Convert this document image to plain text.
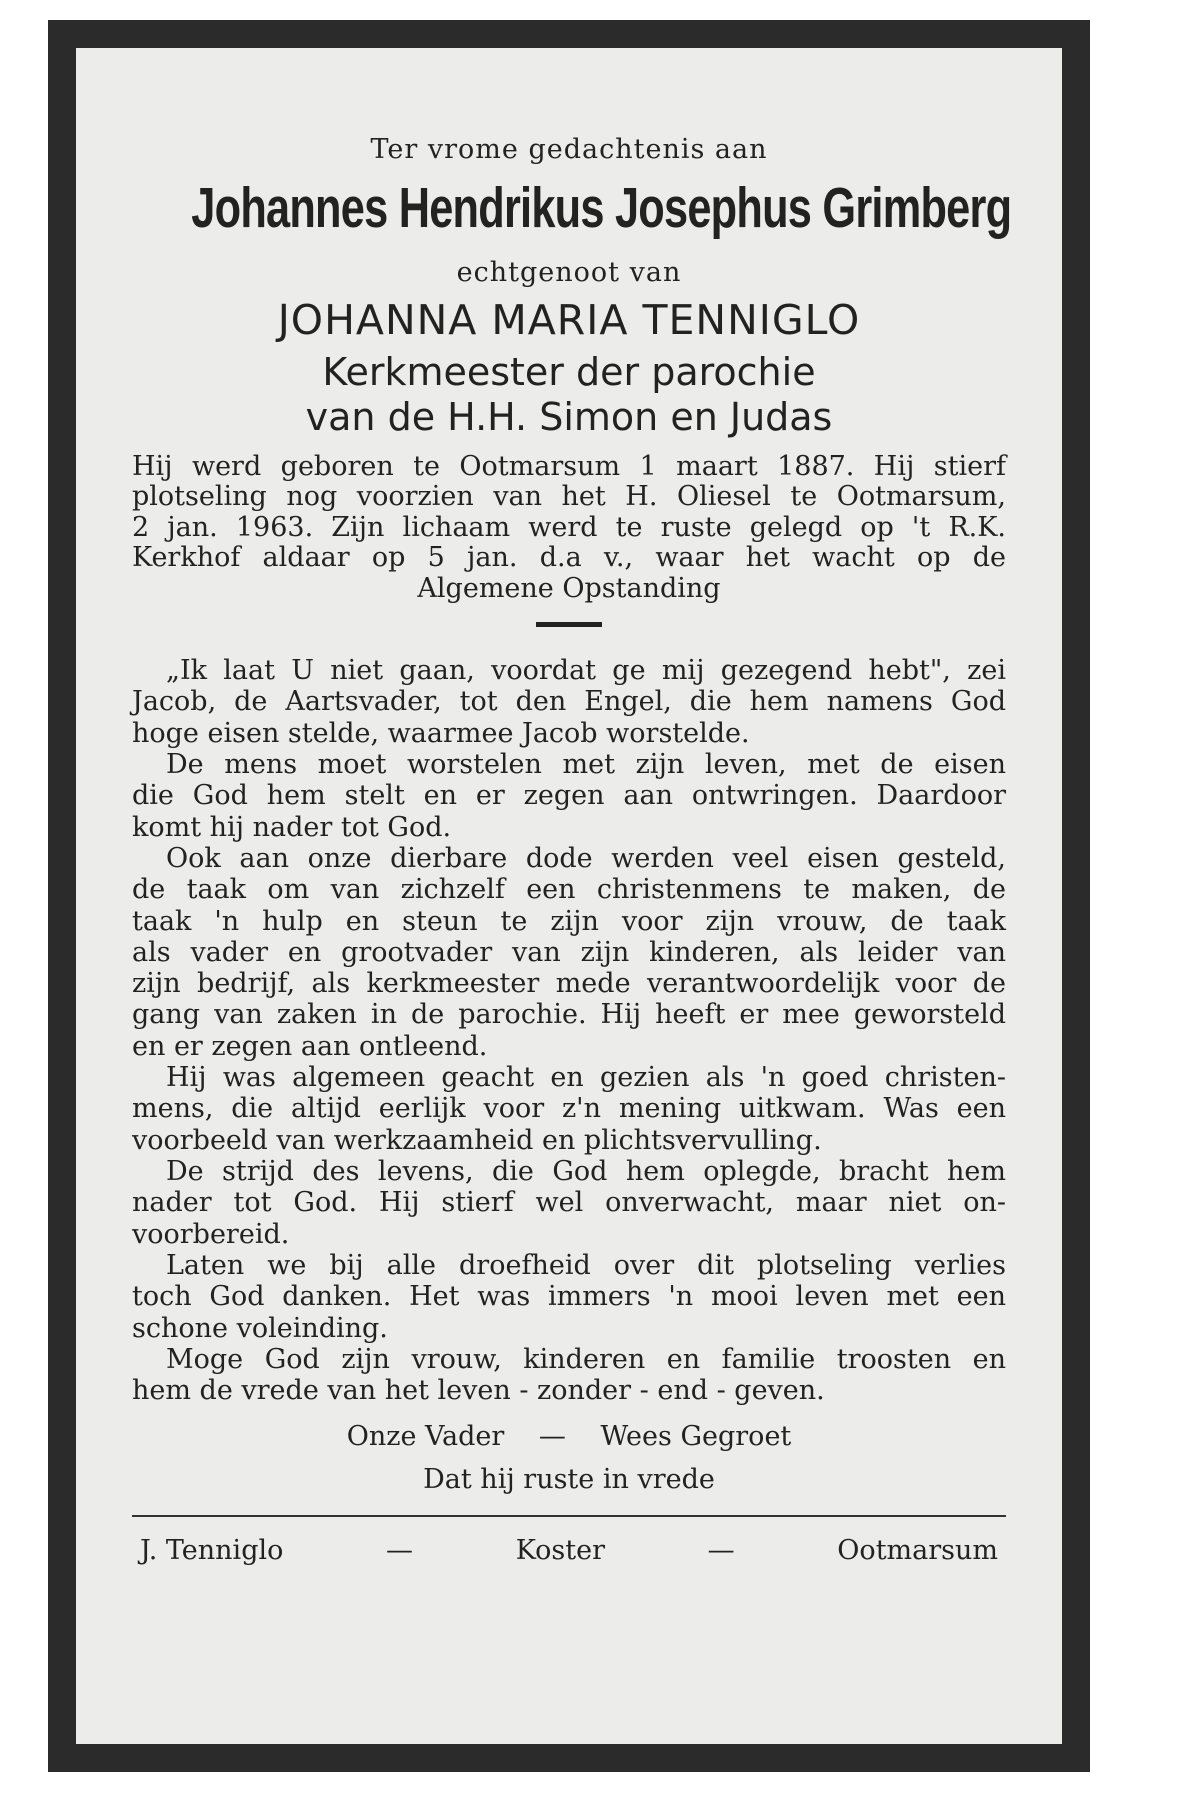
Ter vrome gedachtenis aan
Johannes Hendrikus Josephus Grimberg
echtgenoot van
JOHANNA MARIA TENNIGLO
Kerkmeester der parochie
van de H.H. Simon en Judas

Hij werd geboren te Ootmarsum 1 maart 1887. Hij stierf

plotseling nog voorzien van het H. Oliesel te Ootmarsum,

2 jan. 1963. Zijn lichaam werd te ruste gelegd op 't R.K.

Kerkhof aldaar op 5 jan. d.a v., waar het wacht op de

Algemene Opstanding

„Ik laat U niet gaan, voordat ge mij gezegend hebt", zei
Jacob, de Aartsvader, tot den Engel, die hem namens God
hoge eisen stelde, waarmee Jacob worstelde.

De mens moet worstelen met zijn leven, met de eisen
die God hem stelt en er zegen aan ontwringen. Daardoor
komt hij nader tot God.

Ook aan onze dierbare dode werden veel eisen gesteld,
de taak om van zichzelf een christenmens te maken, de
taak 'n hulp en steun te zijn voor zijn vrouw, de taak
als vader en grootvader van zijn kinderen, als leider van
zijn bedrijf, als kerkmeester mede verantwoordelijk voor de
gang van zaken in de parochie. Hij heeft er mee geworsteld
en er zegen aan ontleend.

Hij was algemeen geacht en gezien als 'n goed christen-
mens, die altijd eerlijk voor z'n mening uitkwam. Was een
voorbeeld van werkzaamheid en plichtsvervulling.

De strijd des levens, die God hem oplegde, bracht hem
nader tot God. Hij stierf wel onverwacht, maar niet on-
voorbereid.

Laten we bij alle droefheid over dit plotseling verlies
toch God danken. Het was immers 'n mooi leven met een
schone voleinding.

Moge God zijn vrouw, kinderen en familie troosten en
hem de vrede van het leven - zonder - end - geven.

Onze Vader — Wees Gegroet
Dat hij ruste in vrede
J. Tenniglo	—	Koster	—	Ootmarsum
